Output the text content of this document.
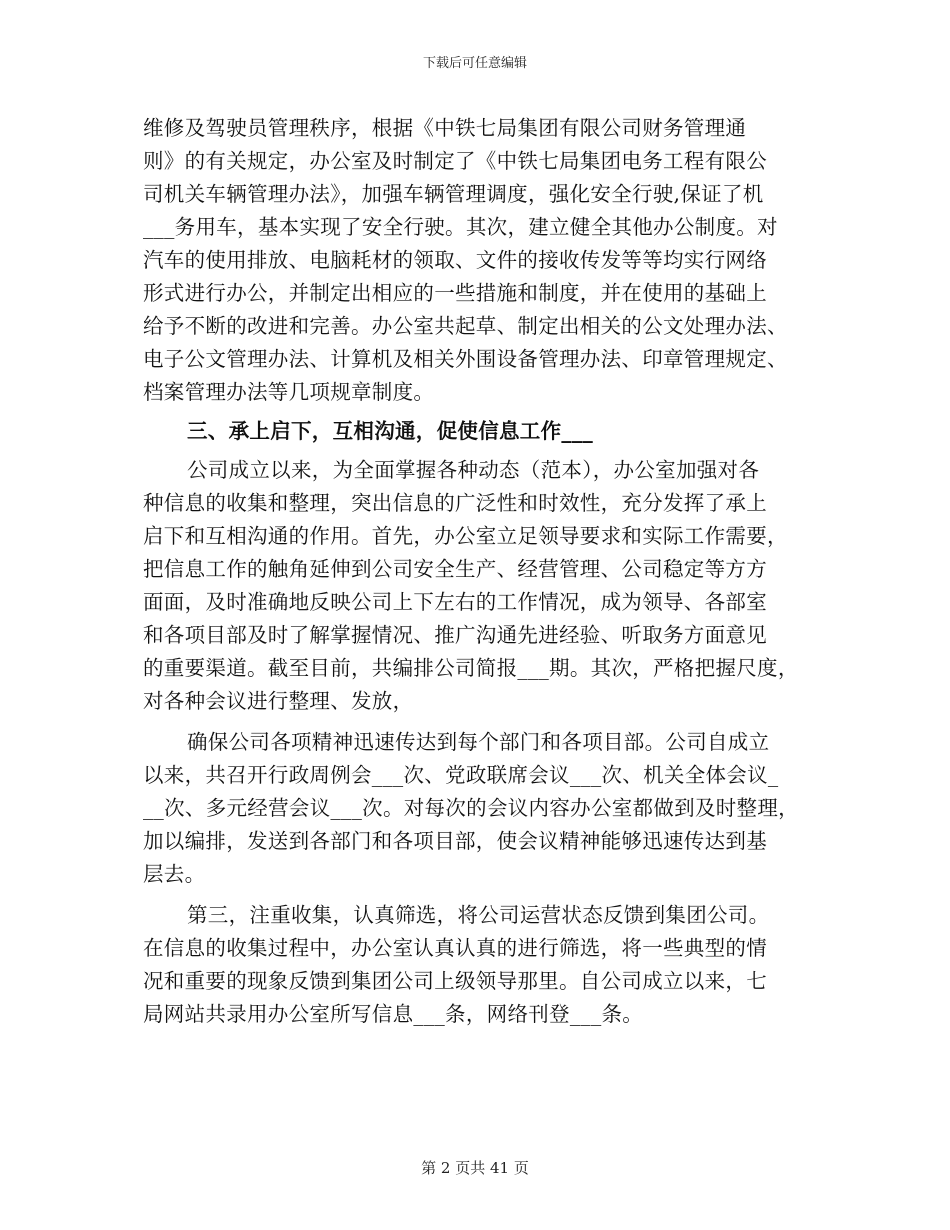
下载后可任意编辑
维修及驾驶员管理秩序，根据《中铁七局集团有限公司财务管理通
则》的有关规定，办公室及时制定了《中铁七局集团电务工程有限公
司机关车辆管理办法》，加强车辆管理调度，强化安全行驶,保证了机
___务用车，基本实现了安全行驶。其次，建立健全其他办公制度。对
汽车的使用排放、电脑耗材的领取、文件的接收传发等等均实行网络
形式进行办公，并制定出相应的一些措施和制度，并在使用的基础上
给予不断的改进和完善。办公室共起草、制定出相关的公文处理办法、
电子公文管理办法、计算机及相关外围设备管理办法、印章管理规定、
档案管理办法等几项规章制度。
三、承上启下，互相沟通，促使信息工作___
公司成立以来，为全面掌握各种动态（范本），办公室加强对各
种信息的收集和整理，突出信息的广泛性和时效性，充分发挥了承上
启下和互相沟通的作用。首先，办公室立足领导要求和实际工作需要，
把信息工作的触角延伸到公司安全生产、经营管理、公司稳定等方方
面面，及时准确地反映公司上下左右的工作情况，成为领导、各部室
和各项目部及时了解掌握情况、推广沟通先进经验、听取务方面意见
的重要渠道。截至目前，共编排公司简报___期。其次，严格把握尺度，
对各种会议进行整理、发放，
确保公司各项精神迅速传达到每个部门和各项目部。公司自成立
以来，共召开行政周例会___次、党政联席会议___次、机关全体会议_
__次、多元经营会议___次。对每次的会议内容办公室都做到及时整理，
加以编排，发送到各部门和各项目部，使会议精神能够迅速传达到基
层去。
第三，注重收集，认真筛选，将公司运营状态反馈到集团公司。
在信息的收集过程中，办公室认真认真的进行筛选，将一些典型的情
况和重要的现象反馈到集团公司上级领导那里。自公司成立以来，七
局网站共录用办公室所写信息___条，网络刊登___条。
第 2 页共 41 页
